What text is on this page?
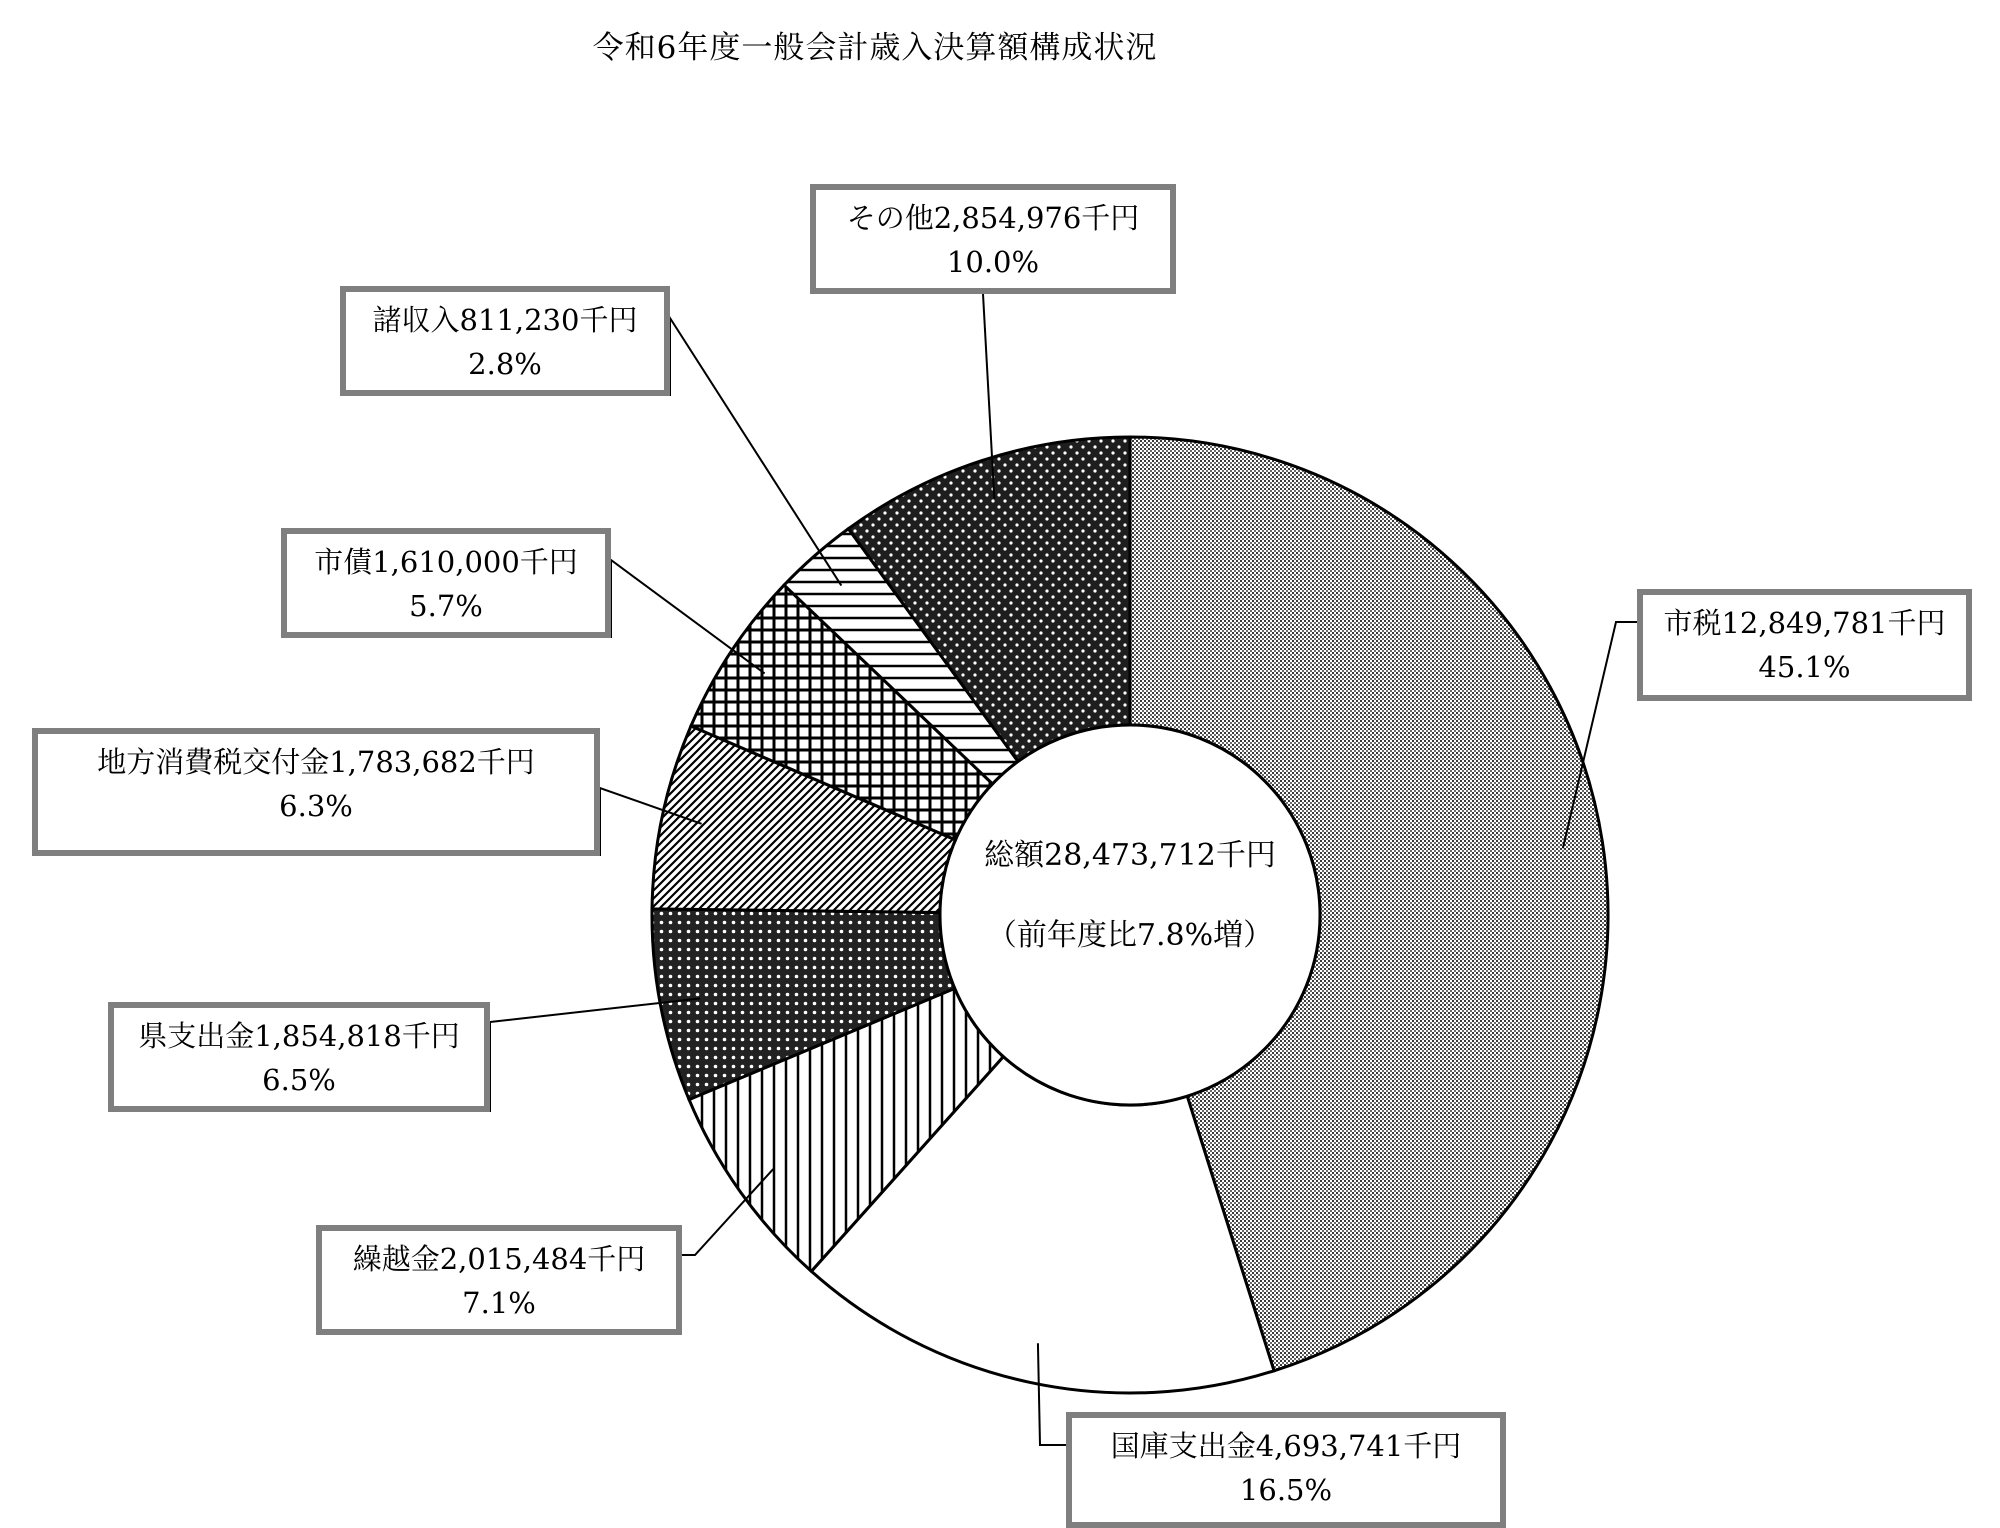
令和6年度一般会計歳入決算額構成状況
市税12,849,781千円
45.1%
国庫支出金4,693,741千円
16.5%
繰越金2,015,484千円
7.1%
県支出金1,854,818千円
6.5%
地方消費税交付金1,783,682千円
6.3%
市債1,610,000千円
5.7%
諸収入811,230千円
2.8%
その他2,854,976千円
10.0%
総額28,473,712千円
（前年度比7.8%増）
